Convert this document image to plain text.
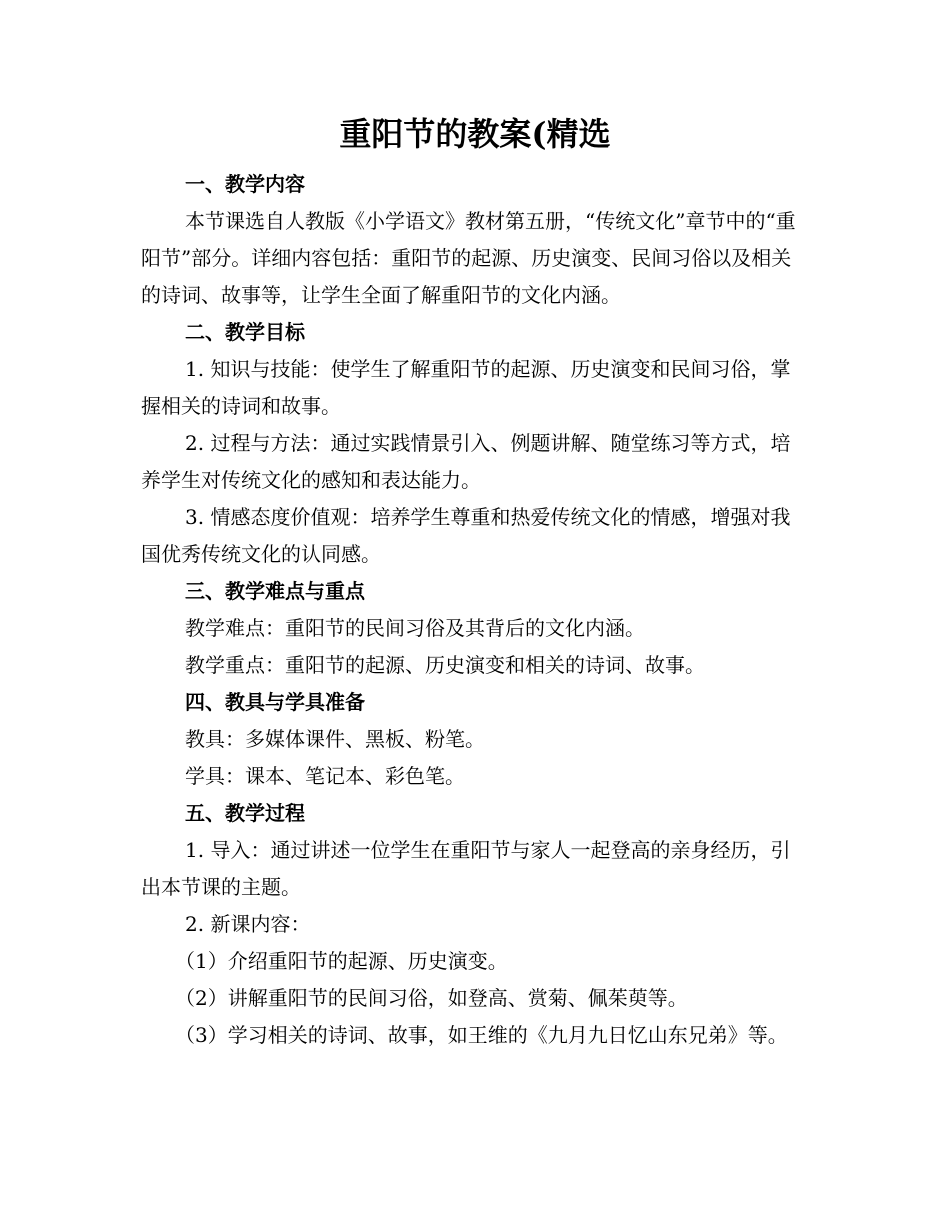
重阳节的教案(精选

一、教学内容

本节课选自人教版《小学语文》教材第五册，“传统文化”章节中的“重阳节”部分。详细内容包括：重阳节的起源、历史演变、民间习俗以及相关的诗词、故事等，让学生全面了解重阳节的文化内涵。

二、教学目标

1. 知识与技能：使学生了解重阳节的起源、历史演变和民间习俗，掌握相关的诗词和故事。

2. 过程与方法：通过实践情景引入、例题讲解、随堂练习等方式，培养学生对传统文化的感知和表达能力。

3. 情感态度价值观：培养学生尊重和热爱传统文化的情感，增强对我国优秀传统文化的认同感。

三、教学难点与重点

教学难点：重阳节的民间习俗及其背后的文化内涵。

教学重点：重阳节的起源、历史演变和相关的诗词、故事。

四、教具与学具准备

教具：多媒体课件、黑板、粉笔。

学具：课本、笔记本、彩色笔。

五、教学过程

1. 导入：通过讲述一位学生在重阳节与家人一起登高的亲身经历，引出本节课的主题。

2. 新课内容：

（1）介绍重阳节的起源、历史演变。

（2）讲解重阳节的民间习俗，如登高、赏菊、佩茱萸等。

（3）学习相关的诗词、故事，如王维的《九月九日忆山东兄弟》等。
